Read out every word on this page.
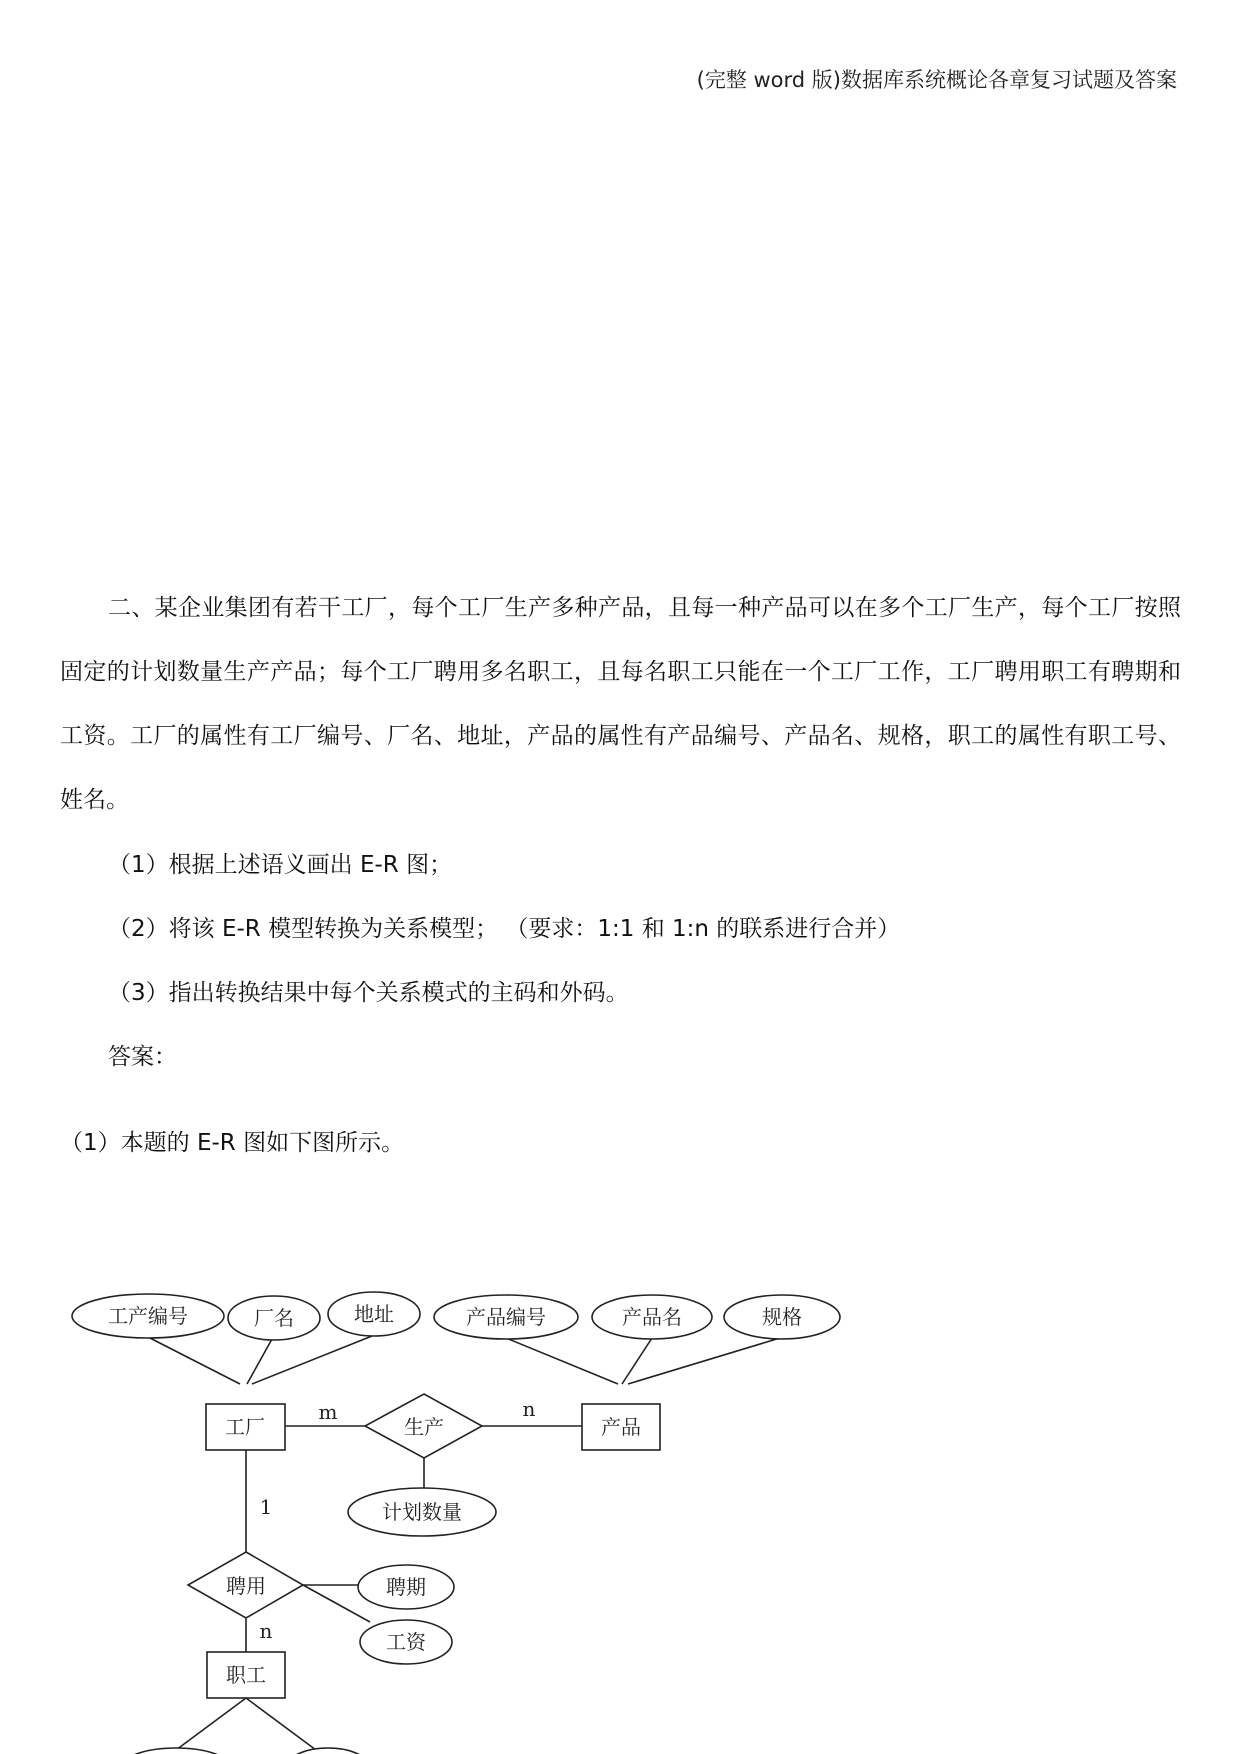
(完整 word 版)数据库系统概论各章复习试题及答案

二、某企业集团有若干工厂，每个工厂生产多种产品，且每一种产品可以在多个工厂生产，每个工厂按照固定的计划数量生产产品；每个工厂聘用多名职工，且每名职工只能在一个工厂工作，工厂聘用职工有聘期和工资。工厂的属性有工厂编号、厂名、地址，产品的属性有产品编号、产品名、规格，职工的属性有职工号、姓名。

（1）根据上述语义画出 E-R 图；

（2）将该 E-R 模型转换为关系模型； （要求：1:1 和 1:n 的联系进行合并）

（3）指出转换结果中每个关系模式的主码和外码。

答案：

（1）本题的 E-R 图如下图所示。

工产编号	厂名	地址	产品编号	产品名	规格
计划数量
聘期
工资
工厂	产品
职工
生产
聘用
m	n
1
n
